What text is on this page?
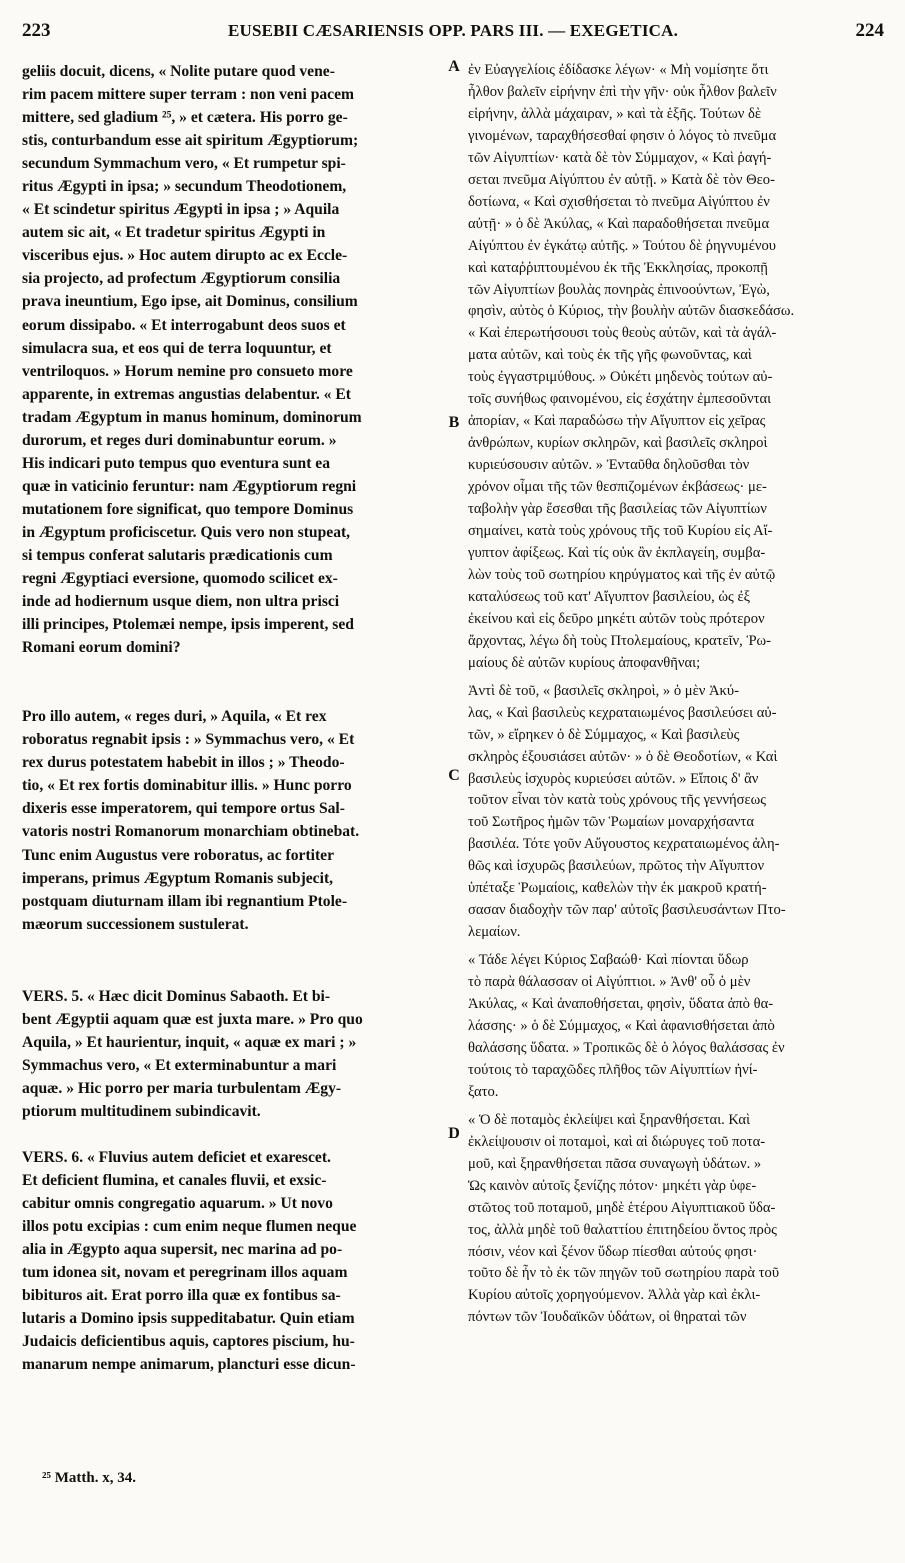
223	EUSEBII CÆSARIENSIS OPP. PARS III. — EXEGETICA.	224
geliis docuit, dicens, « Nolite putare quod vene-
rim pacem mittere super terram : non veni pacem
mittere, sed gladium ²⁵, » et cætera. His porro ge-
stis, conturbandum esse ait spiritum Ægyptiorum;
secundum Symmachum vero, « Et rumpetur spi-
ritus Ægypti in ipsa; » secundum Theodotionem,
« Et scindetur spiritus Ægypti in ipsa ; » Aquila
autem sic ait, « Et tradetur spiritus Ægypti in
visceribus ejus. » Hoc autem dirupto ac ex Eccle-
sia projecto, ad profectum Ægyptiorum consilia
prava ineuntium, Ego ipse, ait Dominus, consilium
eorum dissipabo. « Et interrogabunt deos suos et
simulacra sua, et eos qui de terra loquuntur, et
ventriloquos. » Horum nemine pro consueto more
apparente, in extremas angustias delabentur. « Et
tradam Ægyptum in manus hominum, dominorum
durorum, et reges duri dominabuntur eorum. »
His indicari puto tempus quo eventura sunt ea
quæ in vaticinio feruntur: nam Ægyptiorum regni
mutationem fore significat, quo tempore Dominus
in Ægyptum proficiscetur. Quis vero non stupeat,
si tempus conferat salutaris prædicationis cum
regni Ægyptiaci eversione, quomodo scilicet ex-
inde ad hodiernum usque diem, non ultra prisci
illi principes, Ptolemæi nempe, ipsis imperent, sed
Romani eorum domini?
Pro illo autem, « reges duri, » Aquila, « Et rex
roboratus regnabit ipsis : » Symmachus vero, « Et
rex durus potestatem habebit in illos ; » Theodo-
tio, « Et rex fortis dominabitur illis. » Hunc porro
dixeris esse imperatorem, qui tempore ortus Sal-
vatoris nostri Romanorum monarchiam obtinebat.
Tunc enim Augustus vere roboratus, ac fortiter
imperans, primus Ægyptum Romanis subjecit,
postquam diuturnam illam ibi regnantium Ptole-
mæorum successionem sustulerat.
VERS. 5. « Hæc dicit Dominus Sabaoth. Et bi-
bent Ægyptii aquam quæ est juxta mare. » Pro quo
Aquila, » Et haurientur, inquit, « aquæ ex mari ; »
Symmachus vero, « Et exterminabuntur a mari
aquæ. » Hic porro per maria turbulentam Ægy-
ptiorum multitudinem subindicavit.
VERS. 6. « Fluvius autem deficiet et exarescet.
Et deficient flumina, et canales fluvii, et exsic-
cabitur omnis congregatio aquarum. » Ut novo
illos potu excipias : cum enim neque flumen neque
alia in Ægypto aqua supersit, nec marina ad po-
tum idonea sit, novam et peregrinam illos aquam
bibituros ait. Erat porro illa quæ ex fontibus sa-
lutaris a Domino ipsis suppeditabatur. Quin etiam
Judaicis deficientibus aquis, captores piscium, hu-
manarum nempe animarum, plancturi esse dicun-
ἐν Εὐαγγελίοις ἐδίδασκε λέγων· « Μὴ νομίσητε ὅτι
ἦλθον βαλεῖν εἰρήνην ἐπὶ τὴν γῆν· οὐκ ἦλθον βαλεῖν
εἰρήνην, ἀλλὰ μάχαιραν, » καὶ τὰ ἑξῆς. Τούτων δὲ
γινομένων, ταραχθήσεσθαί φησιν ὁ λόγος τὸ πνεῦμα
τῶν Αἰγυπτίων· κατὰ δὲ τὸν Σύμμαχον, « Καὶ ῥαγή-
σεται πνεῦμα Αἰγύπτου ἐν αὐτῇ. » Κατὰ δὲ τὸν Θεο-
δοτίωνα, « Καὶ σχισθήσεται τὸ πνεῦμα Αἰγύπτου ἐν
αὐτῇ· » ὁ δὲ Ἀκύλας, « Καὶ παραδοθήσεται πνεῦμα
Αἰγύπτου ἐν ἐγκάτῳ αὐτῆς. » Τούτου δὲ ῥηγνυμένου
καὶ καταῤῥιπτουμένου ἐκ τῆς Ἐκκλησίας, προκοπῇ
τῶν Αἰγυπτίων βουλὰς πονηρὰς ἐπινοούντων, Ἐγὼ,
φησὶν, αὐτὸς ὁ Κύριος, τὴν βουλὴν αὐτῶν διασκεδάσω.
« Καὶ ἐπερωτήσουσι τοὺς θεοὺς αὐτῶν, καὶ τὰ ἀγάλ-
ματα αὐτῶν, καὶ τοὺς ἐκ τῆς γῆς φωνοῦντας, καὶ
τοὺς ἐγγαστριμύθους. » Οὐκέτι μηδενὸς τούτων αὐ-
τοῖς συνήθως φαινομένου, εἰς ἐσχάτην ἐμπεσοῦνται
ἀπορίαν, « Καὶ παραδώσω τὴν Αἴγυπτον εἰς χεῖρας
ἀνθρώπων, κυρίων σκληρῶν, καὶ βασιλεῖς σκληροὶ
κυριεύσουσιν αὐτῶν. » Ἐνταῦθα δηλοῦσθαι τὸν
χρόνον οἶμαι τῆς τῶν θεσπιζομένων ἐκβάσεως· με-
ταβολὴν γὰρ ἔσεσθαι τῆς βασιλείας τῶν Αἰγυπτίων
σημαίνει, κατὰ τοὺς χρόνους τῆς τοῦ Κυρίου εἰς Αἴ-
γυπτον ἀφίξεως. Καὶ τίς οὐκ ἂν ἐκπλαγείη, συμβα-
λὼν τοὺς τοῦ σωτηρίου κηρύγματος καὶ τῆς ἐν αὐτῷ
καταλύσεως τοῦ κατ' Αἴγυπτον βασιλείου, ὡς ἐξ
ἐκείνου καὶ εἰς δεῦρο μηκέτι αὐτῶν τοὺς πρότερον
ἄρχοντας, λέγω δὴ τοὺς Πτολεμαίους, κρατεῖν, Ῥω-
μαίους δὲ αὐτῶν κυρίους ἀποφανθῆναι;
Ἀντὶ δὲ τοῦ, « βασιλεῖς σκληροὶ, » ὁ μὲν Ἀκύ-
λας, « Καὶ βασιλεὺς κεχραταιωμένος βασιλεύσει αὐ-
τῶν, » εἴρηκεν ὁ δὲ Σύμμαχος, « Καὶ βασιλεὺς
σκληρὸς ἐξουσιάσει αὐτῶν· » ὁ δὲ Θεοδοτίων, « Καὶ
βασιλεὺς ἰσχυρὸς κυριεύσει αὐτῶν. » Εἴποις δ' ἂν
τοῦτον εἶναι τὸν κατὰ τοὺς χρόνους τῆς γεννήσεως
τοῦ Σωτῆρος ἡμῶν τῶν Ῥωμαίων μοναρχήσαντα
βασιλέα. Τότε γοῦν Αὔγουστος κεχραταιωμένος ἀλη-
θῶς καὶ ἰσχυρῶς βασιλεύων, πρῶτος τὴν Αἴγυπτον
ὑπέταξε Ῥωμαίοις, καθελὼν τὴν ἐκ μακροῦ κρατή-
σασαν διαδοχὴν τῶν παρ' αὐτοῖς βασιλευσάντων Πτο-
λεμαίων.
« Τάδε λέγει Κύριος Σαβαώθ· Καὶ πίονται ὕδωρ
τὸ παρὰ θάλασσαν οἱ Αἰγύπτιοι. » Ἀνθ' οὗ ὁ μὲν
Ἀκύλας, « Καὶ ἀναποθήσεται, φησὶν, ὕδατα ἀπὸ θα-
λάσσης· » ὁ δὲ Σύμμαχος, « Καὶ ἀφανισθήσεται ἀπὸ
θαλάσσης ὕδατα. » Τροπικῶς δὲ ὁ λόγος θαλάσσας ἐν
τούτοις τὸ ταραχῶδες πλῆθος τῶν Αἰγυπτίων ἠνί-
ξατο.
« Ὁ δὲ ποταμὸς ἐκλείψει καὶ ξηρανθήσεται. Καὶ
ἐκλείψουσιν οἱ ποταμοὶ, καὶ αἱ διώρυγες τοῦ ποτα-
μοῦ, καὶ ξηρανθήσεται πᾶσα συναγωγὴ ὑδάτων. »
Ὡς καινὸν αὐτοῖς ξενίζης πότον· μηκέτι γὰρ ὑφε-
στῶτος τοῦ ποταμοῦ, μηδὲ ἑτέρου Αἰγυπτιακοῦ ὕδα-
τος, ἀλλὰ μηδὲ τοῦ θαλαττίου ἐπιτηδείου ὄντος πρὸς
πόσιν, νέον καὶ ξένον ὕδωρ πίεσθαι αὐτούς φησι·
τοῦτο δὲ ἦν τὸ ἐκ τῶν πηγῶν τοῦ σωτηρίου παρὰ τοῦ
Κυρίου αὐτοῖς χορηγούμενον. Ἀλλὰ γὰρ καὶ ἐκλι-
πόντων τῶν Ἰουδαϊκῶν ὑδάτων, οἱ θηραταὶ τῶν
A
B
C
D
²⁵ Matth. x, 34.
